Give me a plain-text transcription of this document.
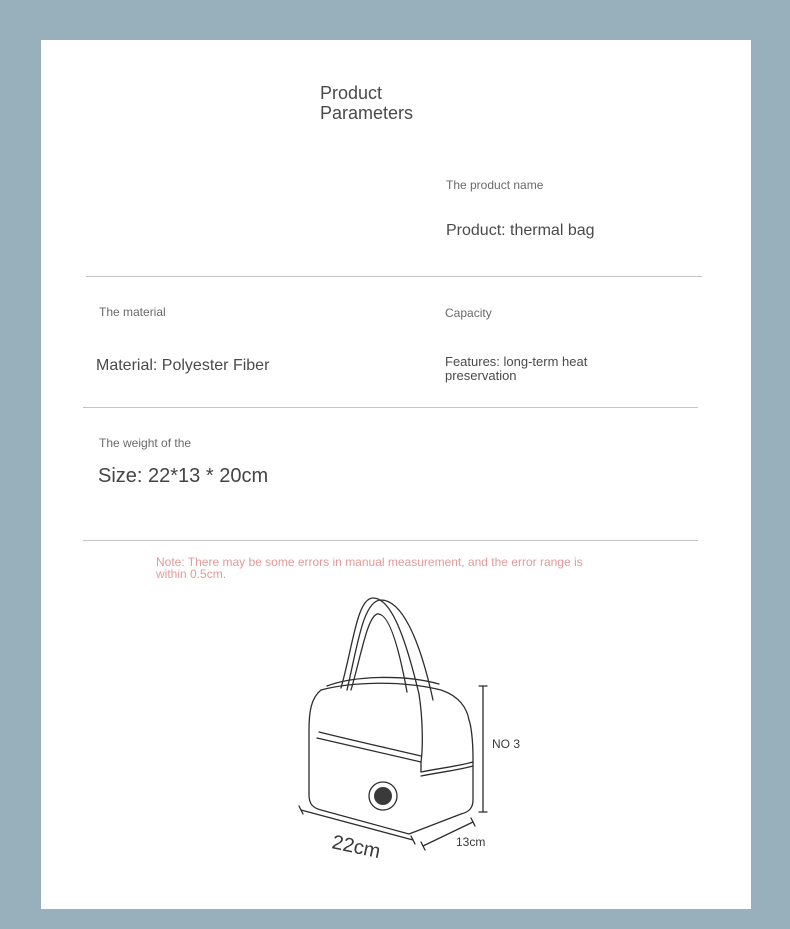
Product Parameters
The product name
Product: thermal bag
The material
Material: Polyester Fiber
Capacity
Features: long-term heat preservation
The weight of the
Size: 22*13 * 20cm
Note: There may be some errors in manual measurement, and the error range is within 0.5cm.
22cm	13cm
NO 3
